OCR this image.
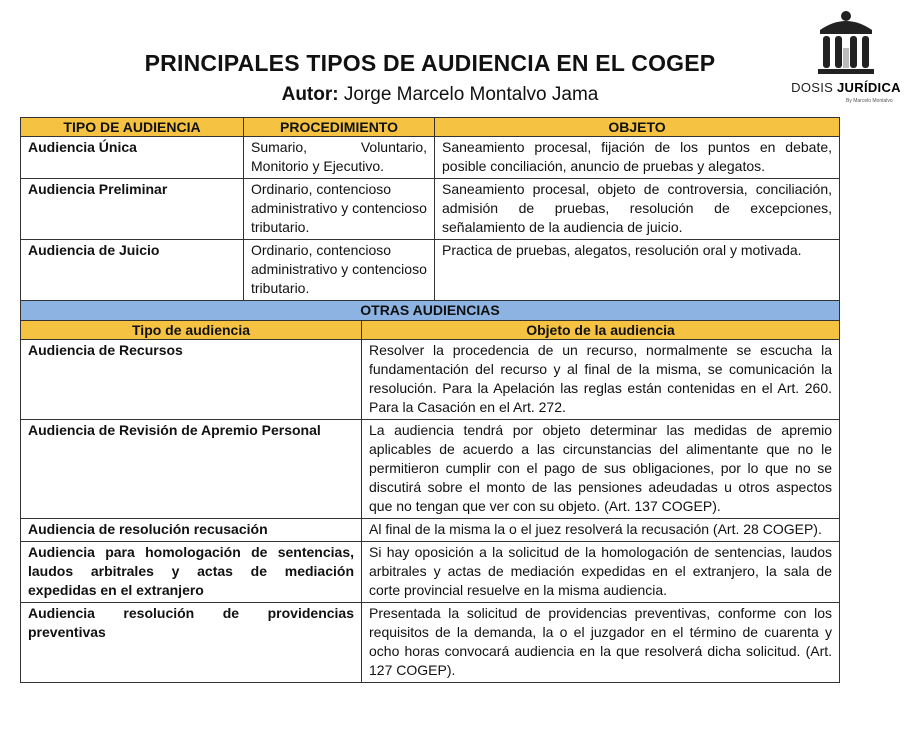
PRINCIPALES TIPOS DE AUDIENCIA EN EL COGEP
Autor: Jorge Marcelo Montalvo Jama	DOSIS JURÍDICA
By Marcelo Montalvo
TIPO DE AUDIENCIA	PROCEDIMIENTO		OBJETO
Audiencia Única	Sumario, Voluntario, Monitorio y Ejecutivo.		Saneamiento procesal, fijación de los puntos en debate, posible conciliación, anuncio de pruebas y alegatos.
Audiencia Preliminar	Ordinario, contencioso administrativo y contencioso tributario.		Saneamiento procesal, objeto de controversia, conciliación, admisión de pruebas, resolución de excepciones, señalamiento de la audiencia de juicio.
Audiencia de Juicio	Ordinario, contencioso administrativo y contencioso tributario.		Practica de pruebas, alegatos, resolución oral y motivada.
OTRAS AUDIENCIAS			
Tipo de audiencia		Objeto de la audiencia	
Audiencia de Recursos		Resolver la procedencia de un recurso, normalmente se escucha la fundamentación del recurso y al final de la misma, se comunicación la resolución. Para la Apelación las reglas están contenidas en el Art. 260. Para la Casación en el Art. 272.	
Audiencia de Revisión de Apremio Personal		La audiencia tendrá por objeto determinar las medidas de apremio aplicables de acuerdo a las circunstancias del alimentante que no le permitieron cumplir con el pago de sus obligaciones, por lo que no se discutirá sobre el monto de las pensiones adeudadas u otros aspectos que no tengan que ver con su objeto. (Art. 137 COGEP).	
Audiencia de resolución recusación		Al final de la misma la o el juez resolverá la recusación (Art. 28 COGEP).	
Audiencia para homologación de sentencias, laudos arbitrales y actas de mediación expedidas en el extranjero		Si hay oposición a la solicitud de la homologación de sentencias, laudos arbitrales y actas de mediación expedidas en el extranjero, la sala de corte provincial resuelve en la misma audiencia.	
Audiencia resolución de providencias preventivas		Presentada la solicitud de providencias preventivas, conforme con los requisitos de la demanda, la o el juzgador en el término de cuarenta y ocho horas convocará audiencia en la que resolverá dicha solicitud. (Art. 127 COGEP).	
